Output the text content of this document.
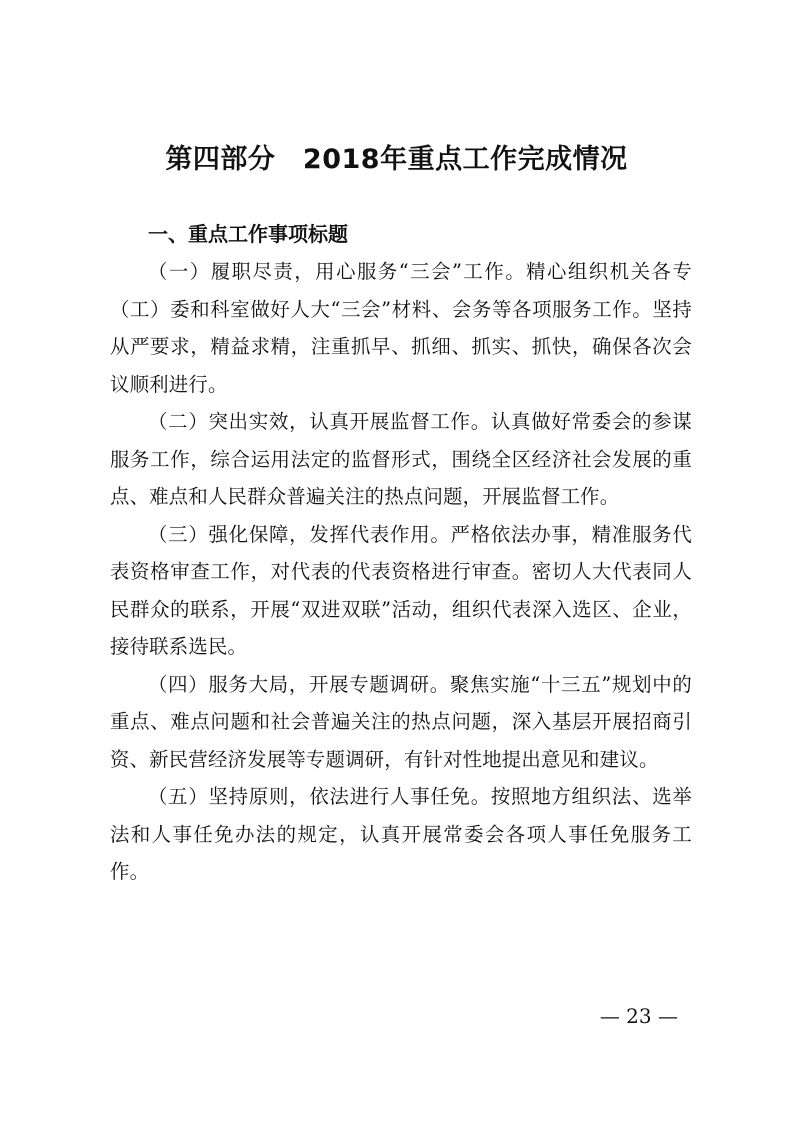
第四部分　2018年重点工作完成情况

一、重点工作事项标题

（一）履职尽责，用心服务“三会”工作。精心组织机关各专（工）委和科室做好人大“三会”材料、会务等各项服务工作。坚持从严要求，精益求精，注重抓早、抓细、抓实、抓快，确保各次会议顺利进行。

（二）突出实效，认真开展监督工作。认真做好常委会的参谋服务工作，综合运用法定的监督形式，围绕全区经济社会发展的重点、难点和人民群众普遍关注的热点问题，开展监督工作。

（三）强化保障，发挥代表作用。严格依法办事，精准服务代表资格审查工作，对代表的代表资格进行审查。密切人大代表同人民群众的联系，开展“双进双联”活动，组织代表深入选区、企业，接待联系选民。

（四）服务大局，开展专题调研。聚焦实施“十三五”规划中的重点、难点问题和社会普遍关注的热点问题，深入基层开展招商引资、新民营经济发展等专题调研，有针对性地提出意见和建议。

（五）坚持原则，依法进行人事任免。按照地方组织法、选举法和人事任免办法的规定，认真开展常委会各项人事任免服务工作。

— 23 —
